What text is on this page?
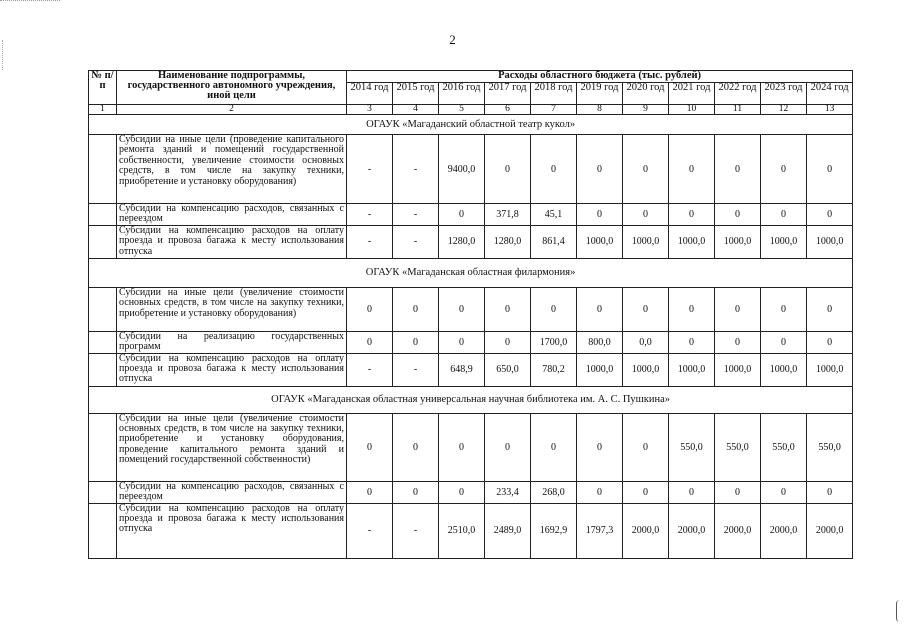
2
№ п/п	Наименование подпрограммы, государственного автономного учреждения, иной цели	Расходы областного бюджета (тыс. рублей)										
		2014 год	2015 год	2016 год	2017 год	2018 год	2019 год	2020 год	2021 год	2022 год	2023 год	2024 год
1	2	3	4	5	6	7	8	9	10	11	12	13
ОГАУК «Магаданский областной театр кукол»												
	Субсидии на иные цели (проведение капитального ремонта зданий и помещений государственной собственности, увеличение стоимости основных средств, в том числе на закупку техники, приобретение и установку оборудования)	-	-	9400,0	0	0	0	0	0	0	0	0
	Субсидии на компенсацию расходов, связанных с переездом	-	-	0	371,8	45,1	0	0	0	0	0	0
	Субсидии на компенсацию расходов на оплату проезда и провоза багажа к месту использования отпуска	-	-	1280,0	1280,0	861,4	1000,0	1000,0	1000,0	1000,0	1000,0	1000,0
ОГАУК «Магаданская областная филармония»												
	Субсидии на иные цели (увеличение стоимости основных средств, в том числе на закупку техники, приобретение и установку оборудования)	0	0	0	0	0	0	0	0	0	0	0
	Субсидии на реализацию государственных программ	0	0	0	0	1700,0	800,0	0,0	0	0	0	0
	Субсидии на компенсацию расходов на оплату проезда и провоза багажа к месту использования отпуска	-	-	648,9	650,0	780,2	1000,0	1000,0	1000,0	1000,0	1000,0	1000,0
ОГАУК «Магаданская областная универсальная научная библиотека им. А. С. Пушкина»												
	Субсидии на иные цели (увеличение стоимости основных средств, в том числе на закупку техники, приобретение и установку оборудования, проведение капитального ремонта зданий и помещений государственной собственности)	0	0	0	0	0	0	0	550,0	550,0	550,0	550,0
	Субсидии на компенсацию расходов, связанных с переездом	0	0	0	233,4	268,0	0	0	0	0	0	0
	Субсидии на компенсацию расходов на оплату проезда и провоза багажа к месту использования отпуска	-	-	2510,0	2489,0	1692,9	1797,3	2000,0	2000,0	2000,0	2000,0	2000,0
